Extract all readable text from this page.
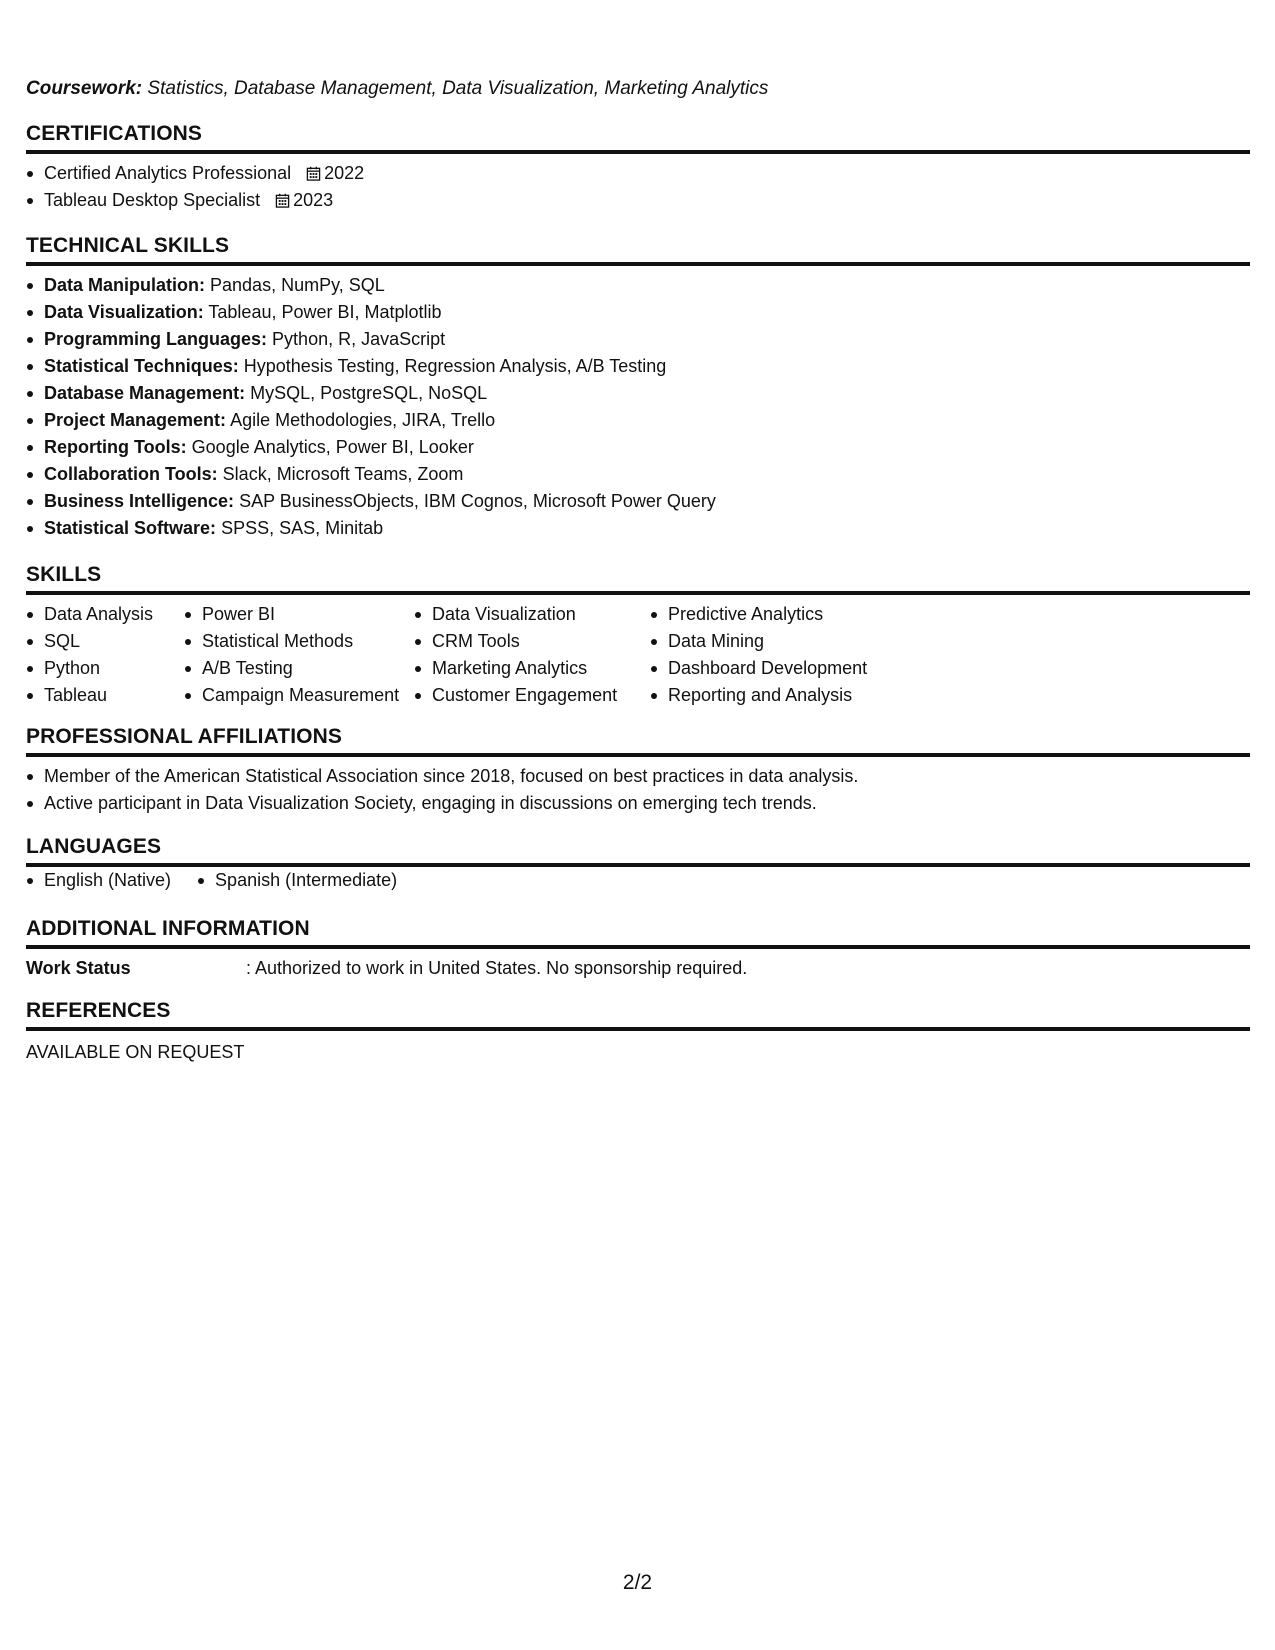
Coursework: Statistics, Database Management, Data Visualization, Marketing Analytics
CERTIFICATIONS
Certified Analytics Professional 2022
Tableau Desktop Specialist 2023
TECHNICAL SKILLS
Data Manipulation: Pandas, NumPy, SQL
Data Visualization: Tableau, Power BI, Matplotlib
Programming Languages: Python, R, JavaScript
Statistical Techniques: Hypothesis Testing, Regression Analysis, A/B Testing
Database Management: MySQL, PostgreSQL, NoSQL
Project Management: Agile Methodologies, JIRA, Trello
Reporting Tools: Google Analytics, Power BI, Looker
Collaboration Tools: Slack, Microsoft Teams, Zoom
Business Intelligence: SAP BusinessObjects, IBM Cognos, Microsoft Power Query
Statistical Software: SPSS, SAS, Minitab
SKILLS
Data Analysis
SQL
Python
Tableau
Power BI
Statistical Methods
A/B Testing
Campaign Measurement
Data Visualization
CRM Tools
Marketing Analytics
Customer Engagement
Predictive Analytics
Data Mining
Dashboard Development
Reporting and Analysis
PROFESSIONAL AFFILIATIONS
Member of the American Statistical Association since 2018, focused on best practices in data analysis.
Active participant in Data Visualization Society, engaging in discussions on emerging tech trends.
LANGUAGES
English (Native)	Spanish (Intermediate)
ADDITIONAL INFORMATION
Work Status	: Authorized to work in United States. No sponsorship required.
REFERENCES
AVAILABLE ON REQUEST
2/2
